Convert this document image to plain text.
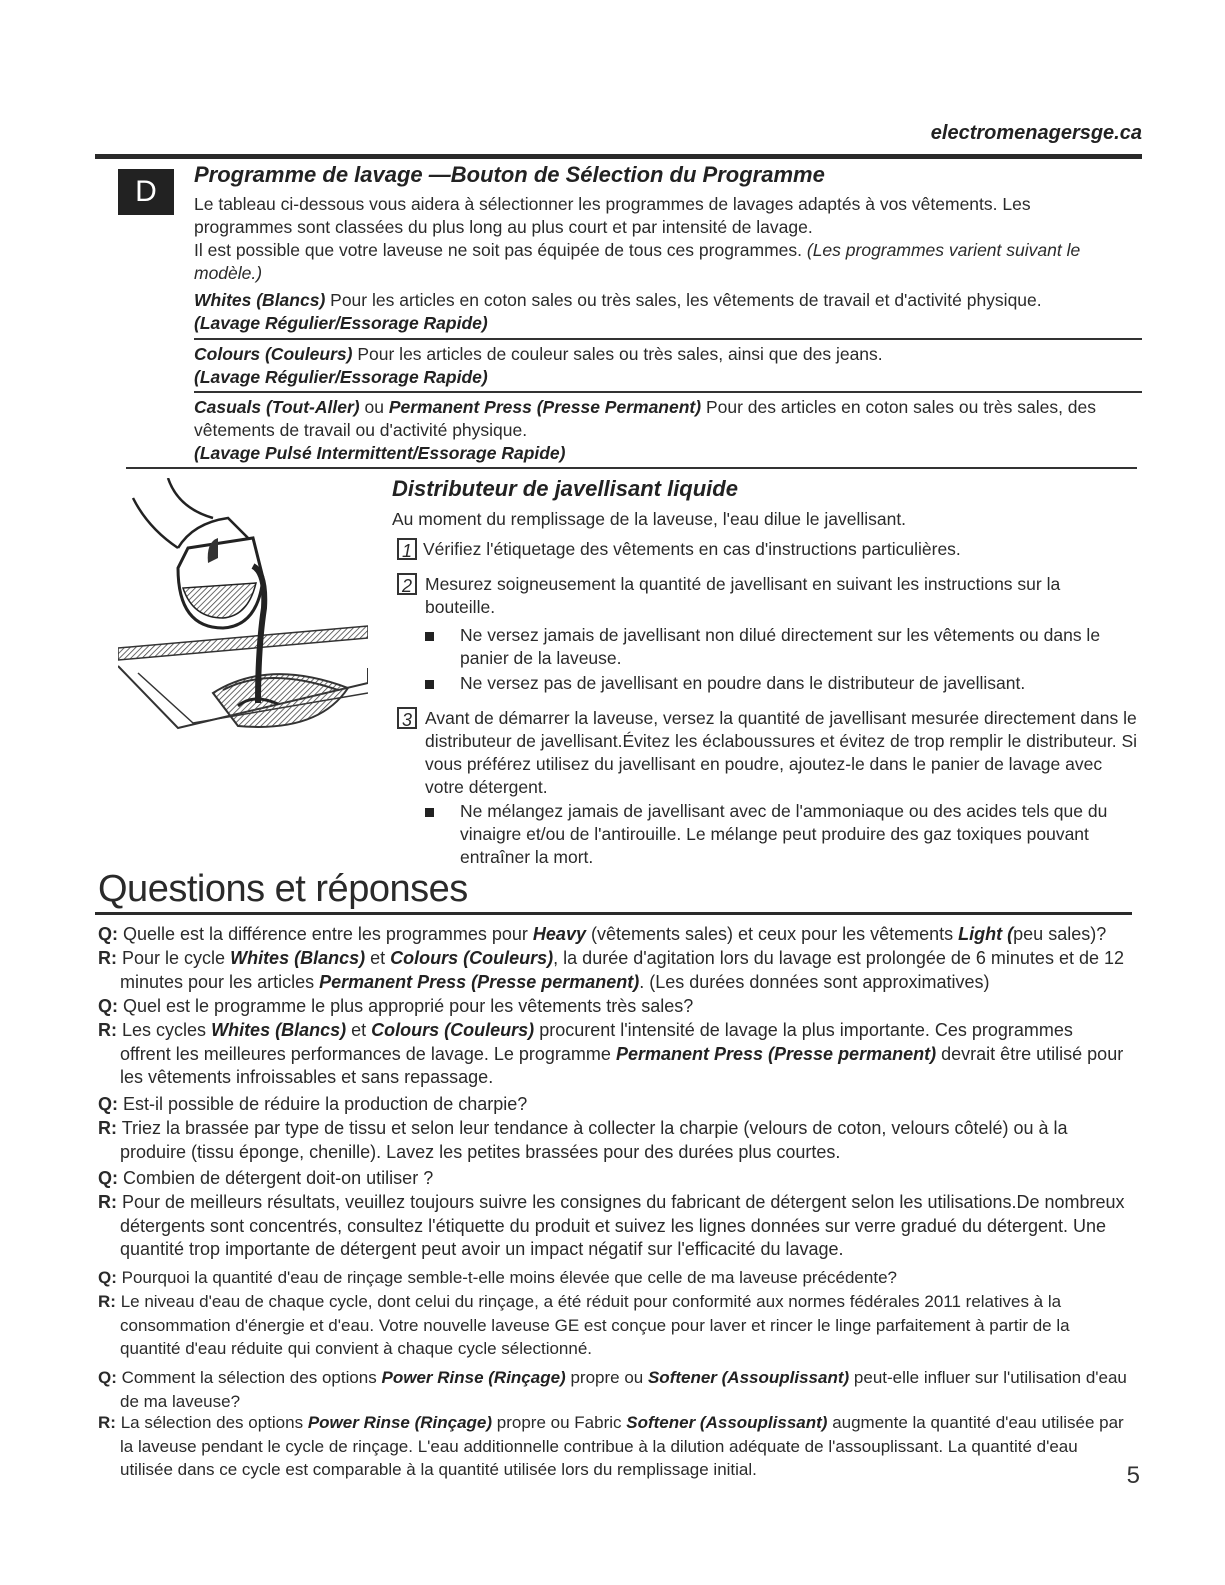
electromenagersge.ca
D
Programme de lavage —Bouton de Sélection du Programme
Le tableau ci-dessous vous aidera à sélectionner les programmes de lavages adaptés à vos vêtements. Les programmes sont classées du plus long au plus court et par intensité de lavage.
Il est possible que votre laveuse ne soit pas équipée de tous ces programmes. (Les programmes varient suivant le modèle.)
Whites (Blancs) Pour les articles en coton sales ou très sales, les vêtements de travail et d'activité physique.
(Lavage Régulier/Essorage Rapide)
Colours (Couleurs) Pour les articles de couleur sales ou très sales, ainsi que des jeans.
(Lavage Régulier/Essorage Rapide)
Casuals (Tout-Aller) ou Permanent Press (Presse Permanent) Pour des articles en coton sales ou très sales, des vêtements de travail ou d'activité physique.
(Lavage Pulsé Intermittent/Essorage Rapide)
Distributeur de javellisant liquide
Au moment du remplissage de la laveuse, l'eau dilue le javellisant.
1 Vérifiez l'étiquetage des vêtements en cas d'instructions particulières.
2 Mesurez soigneusement la quantité de javellisant en suivant les instructions sur la bouteille.
Ne versez jamais de javellisant non dilué directement sur les vêtements ou dans le panier de la laveuse.
Ne versez pas de javellisant en poudre dans le distributeur de javellisant.
3 Avant de démarrer la laveuse, versez la quantité de javellisant mesurée directement dans le distributeur de javellisant.Évitez les éclaboussures et évitez de trop remplir le distributeur. Si vous préférez utilisez du javellisant en poudre, ajoutez-le dans le panier de lavage avec votre détergent.
Ne mélangez jamais de javellisant avec de l'ammoniaque ou des acides tels que du vinaigre et/ou de l'antirouille. Le mélange peut produire des gaz toxiques pouvant entraîner la mort.
Questions et réponses
Q: Quelle est la différence entre les programmes pour Heavy (vêtements sales) et ceux pour les vêtements Light (peu sales)?
R: Pour le cycle Whites (Blancs) et Colours (Couleurs), la durée d'agitation lors du lavage est prolongée de 6 minutes et de 12 minutes pour les articles Permanent Press (Presse permanent). (Les durées données sont approximatives)
Q: Quel est le programme le plus approprié pour les vêtements très sales?
R: Les cycles Whites (Blancs) et Colours (Couleurs) procurent l'intensité de lavage la plus importante. Ces programmes offrent les meilleures performances de lavage. Le programme Permanent Press (Presse permanent) devrait être utilisé pour les vêtements infroissables et sans repassage.
Q: Est-il possible de réduire la production de charpie?
R: Triez la brassée par type de tissu et selon leur tendance à collecter la charpie (velours de coton, velours côtelé) ou à la produire (tissu éponge, chenille). Lavez les petites brassées pour des durées plus courtes.
Q: Combien de détergent doit-on utiliser ?
R: Pour de meilleurs résultats, veuillez toujours suivre les consignes du fabricant de détergent selon les utilisations.De nombreux détergents sont concentrés, consultez l'étiquette du produit et suivez les lignes données sur verre gradué du détergent. Une quantité trop importante de détergent peut avoir un impact négatif sur l'efficacité du lavage.
Q: Pourquoi la quantité d'eau de rinçage semble-t-elle moins élevée que celle de ma laveuse précédente?
R: Le niveau d'eau de chaque cycle, dont celui du rinçage, a été réduit pour conformité aux normes fédérales 2011 relatives à la consommation d'énergie et d'eau. Votre nouvelle laveuse GE est conçue pour laver et rincer le linge parfaitement à partir de la quantité d'eau réduite qui convient à chaque cycle sélectionné.
Q: Comment la sélection des options Power Rinse (Rinçage) propre ou Softener (Assouplissant) peut-elle influer sur l'utilisation d'eau de ma laveuse?
R: La sélection des options Power Rinse (Rinçage) propre ou Fabric Softener (Assouplissant) augmente la quantité d'eau utilisée par la laveuse pendant le cycle de rinçage. L'eau additionnelle contribue à la dilution adéquate de l'assouplissant. La quantité d'eau utilisée dans ce cycle est comparable à la quantité utilisée lors du remplissage initial.	5
